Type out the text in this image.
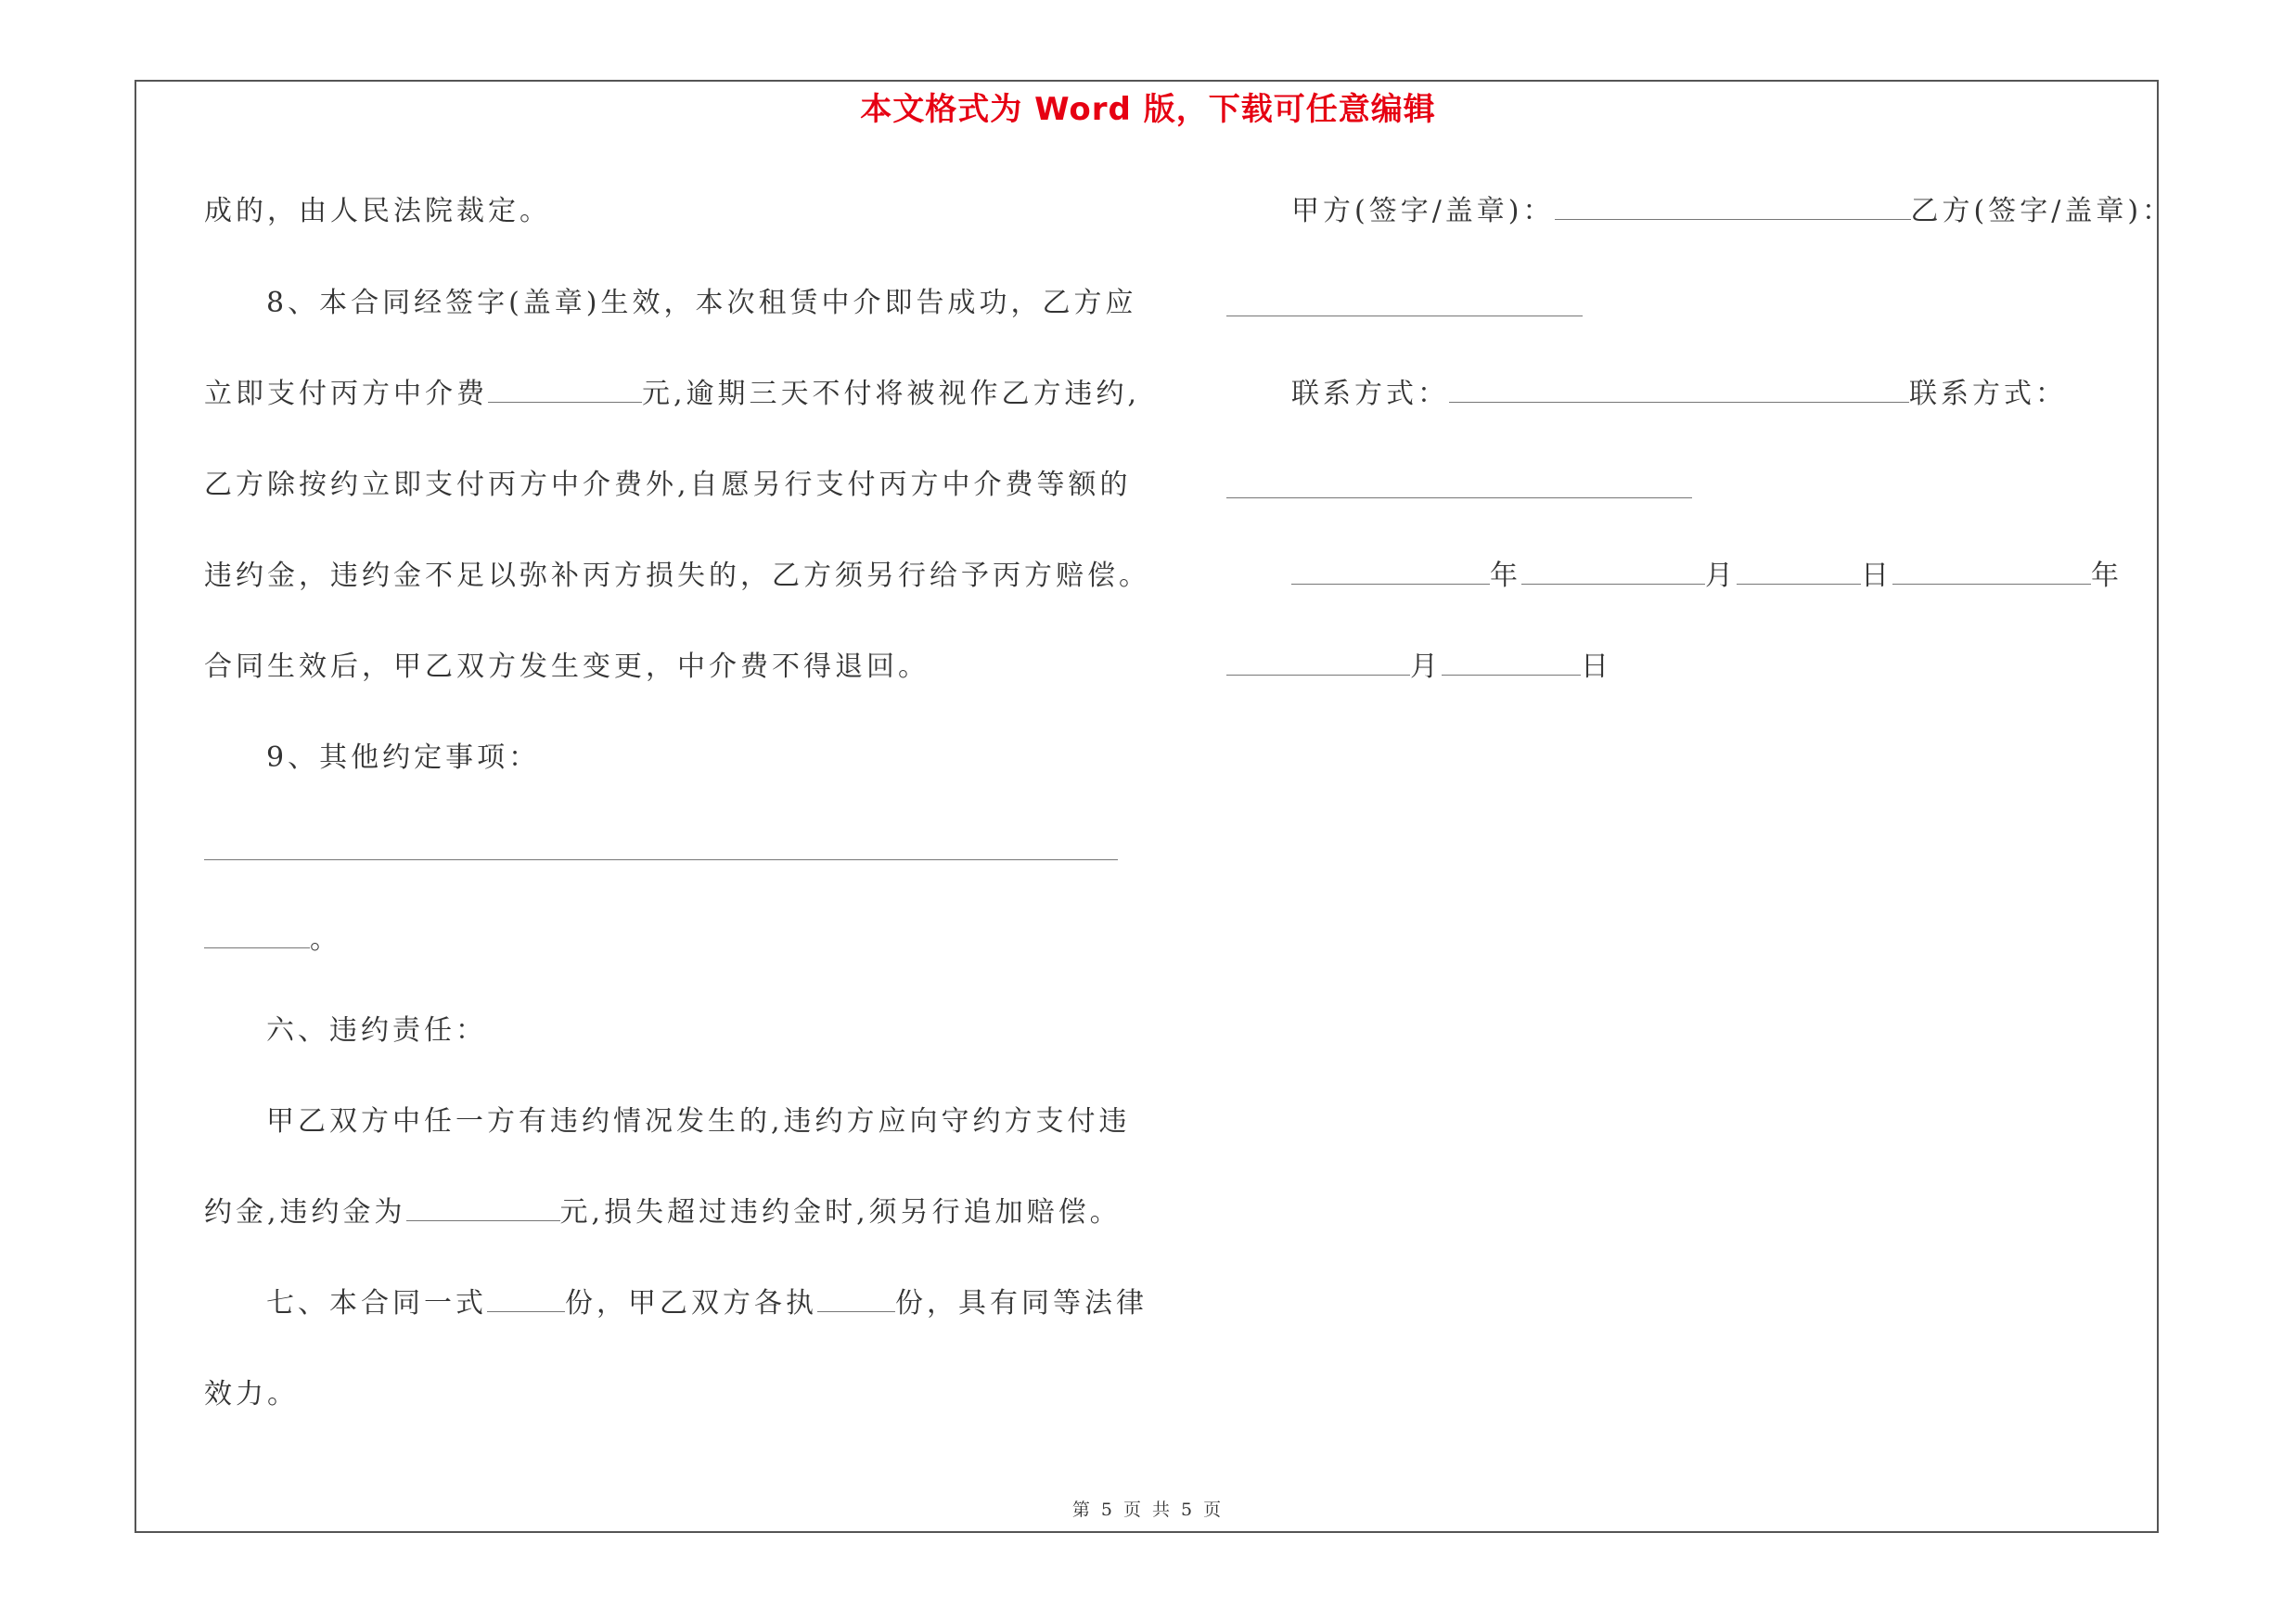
本文格式为 Word 版，下载可任意编辑
成的，由人民法院裁定。
8、本合同经签字(盖章)生效，本次租赁中介即告成功，乙方应
立即支付丙方中介费	元,逾期三天不付将被视作乙方违约,
乙方除按约立即支付丙方中介费外,自愿另行支付丙方中介费等额的
违约金，违约金不足以弥补丙方损失的，乙方须另行给予丙方赔偿。
合同生效后，甲乙双方发生变更，中介费不得退回。
9、其他约定事项：
。
六、违约责任：
甲乙双方中任一方有违约情况发生的,违约方应向守约方支付违
约金,违约金为	元,损失超过违约金时,须另行追加赔偿。
七、本合同一式	份，甲乙双方各执	份，具有同等法律
效力。
甲方(签字/盖章)：	乙方(签字/盖章)：
联系方式：	联系方式：
年	月	日	年
月	日
第 5 页 共 5 页
